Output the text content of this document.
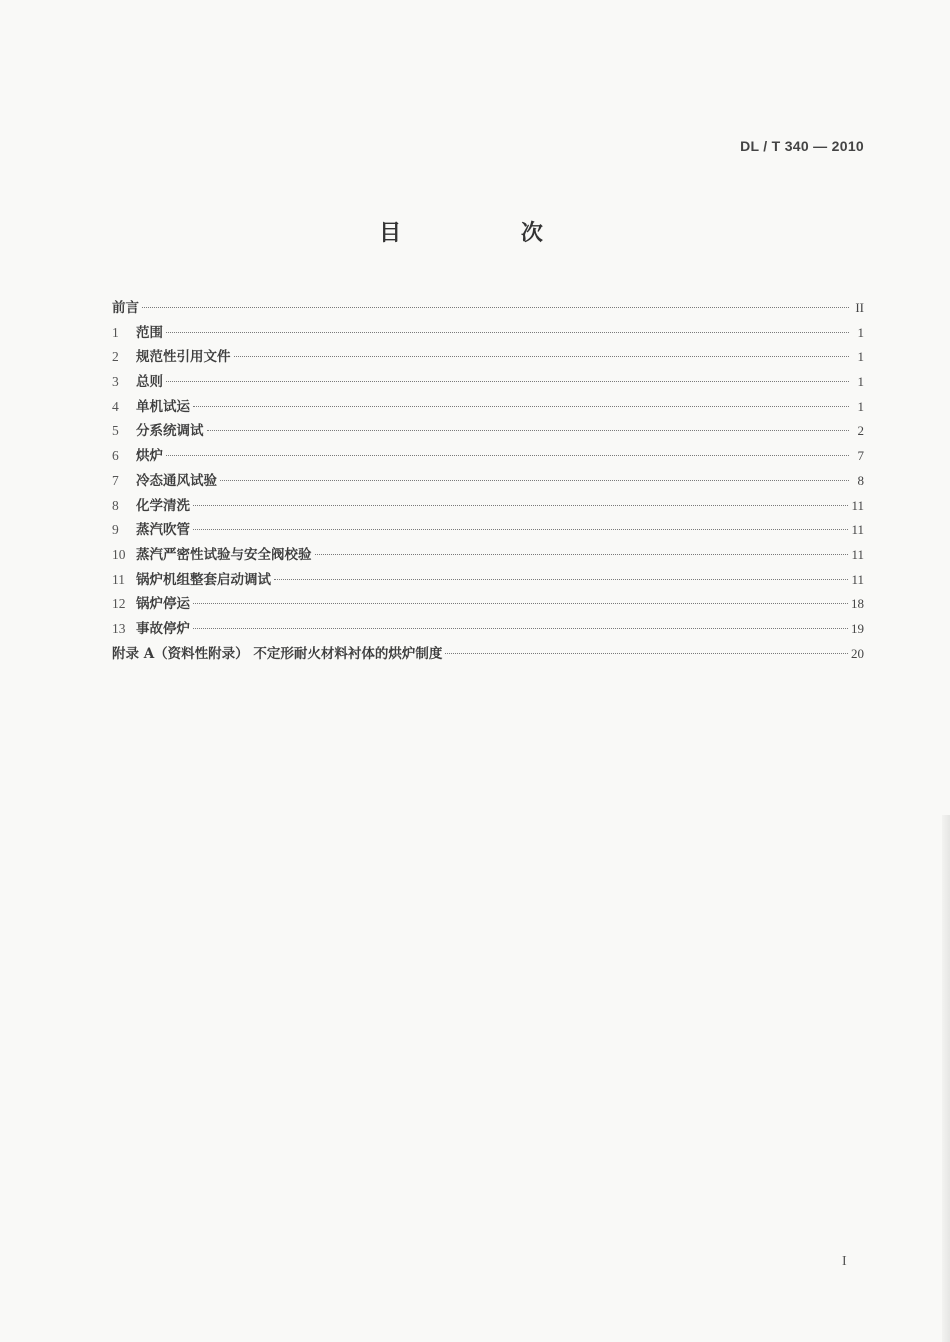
DL / T 340 — 2010
目 次
前言	II
1	范围	1
2	规范性引用文件	1
3	总则	1
4	单机试运	1
5	分系统调试	2
6	烘炉	7
7	冷态通风试验	8
8	化学清洗	11
9	蒸汽吹管	11
10 蒸汽严密性试验与安全阀校验	11
11 锅炉机组整套启动调试	11
12 锅炉停运	18
13 事故停炉	19
附录 A（资料性附录） 不定形耐火材料衬体的烘炉制度	20
I
